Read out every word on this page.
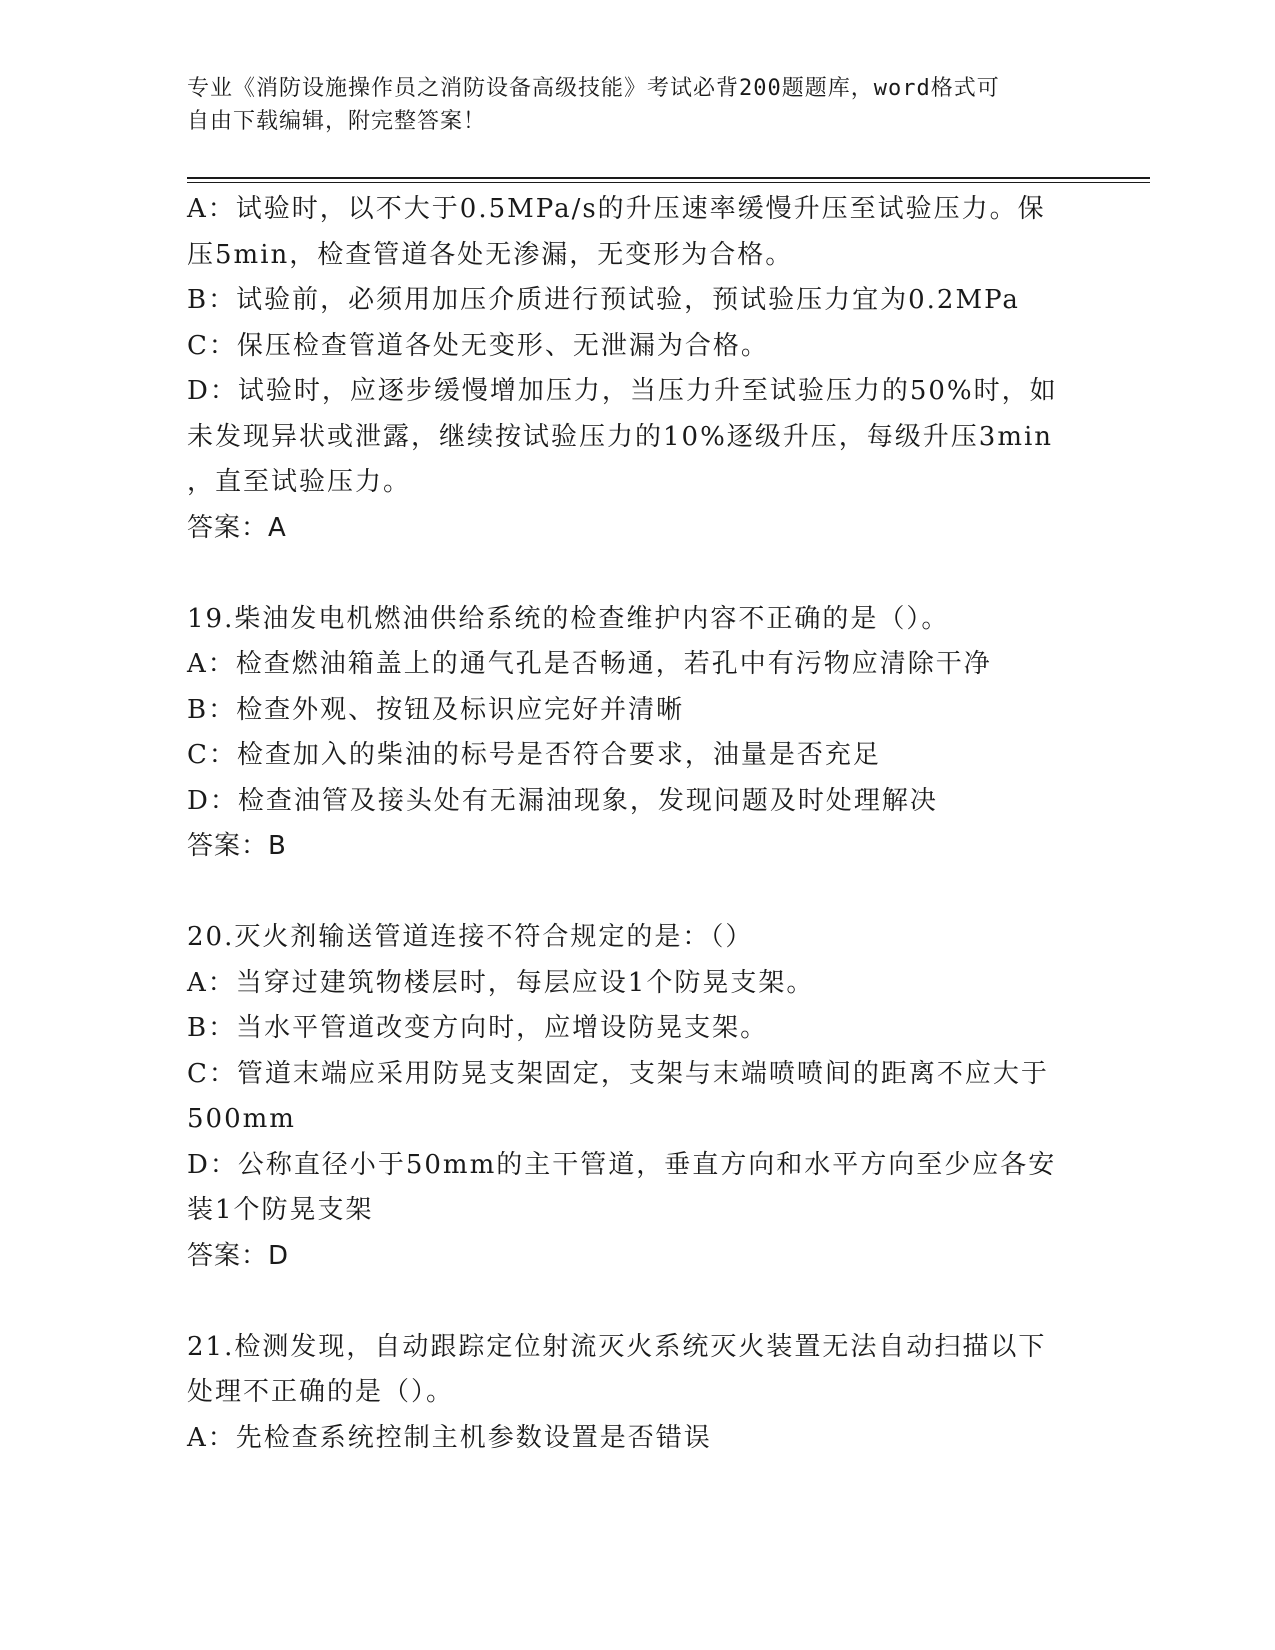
专业《消防设施操作员之消防设备高级技能》考试必背200题题库，word格式可
自由下载编辑，附完整答案！
A：试验时，以不大于0.5MPa/s的升压速率缓慢升压至试验压力。保
压5min，检查管道各处无渗漏，无变形为合格。
B：试验前，必须用加压介质进行预试验，预试验压力宜为0.2MPa
C：保压检查管道各处无变形、无泄漏为合格。
D：试验时，应逐步缓慢增加压力，当压力升至试验压力的50%时，如
未发现异状或泄露，继续按试验压力的10%逐级升压，每级升压3min
，直至试验压力。
答案：A
19.柴油发电机燃油供给系统的检查维护内容不正确的是（）。
A：检查燃油箱盖上的通气孔是否畅通，若孔中有污物应清除干净
B：检查外观、按钮及标识应完好并清晰
C：检查加入的柴油的标号是否符合要求，油量是否充足
D：检查油管及接头处有无漏油现象，发现问题及时处理解决
答案：B
20.灭火剂输送管道连接不符合规定的是：（）
A：当穿过建筑物楼层时，每层应设1个防晃支架。
B：当水平管道改变方向时，应增设防晃支架。
C：管道末端应采用防晃支架固定，支架与末端喷喷间的距离不应大于
500mm
D：公称直径小于50mm的主干管道，垂直方向和水平方向至少应各安
装1个防晃支架
答案：D
21.检测发现，自动跟踪定位射流灭火系统灭火装置无法自动扫描以下
处理不正确的是（）。
A：先检查系统控制主机参数设置是否错误
